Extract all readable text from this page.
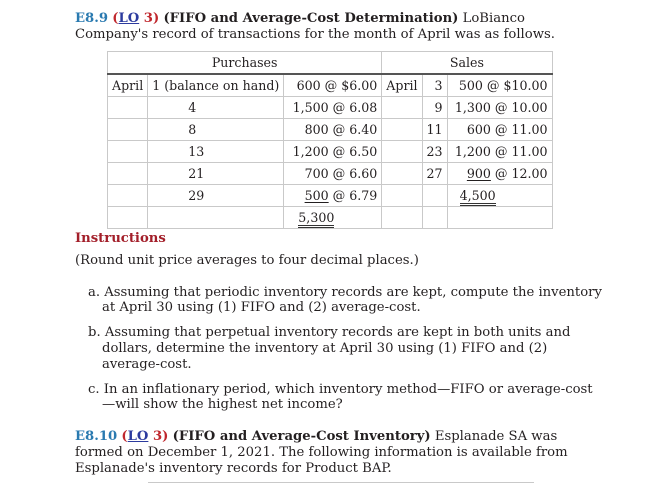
E8.9 (LO 3) (FIFO and Average-Cost Determination) LoBianco
Company's record of transactions for the month of April was as follows.
Purchases			Sales		
April	1 (balance on hand)	600 @ $6.00	April	3	500 @ $10.00
	4	1,500 @ 6.08		9	1,300 @ 10.00
	8	800 @ 6.40		11	600 @ 11.00
	13	1,200 @ 6.50		23	1,200 @ 11.00
	21	700 @ 6.60		27	900 @ 12.00
	29	500 @ 6.79			4,500
		5,300			
Instructions
(Round unit price averages to four decimal places.)
a. Assuming that periodic inventory records are kept, compute the inventory
at April 30 using (1) FIFO and (2) average-cost.
b. Assuming that perpetual inventory records are kept in both units and
dollars, determine the inventory at April 30 using (1) FIFO and (2)
average-cost.
c. In an inflationary period, which inventory method—FIFO or average-cost
—will show the highest net income?
E8.10 (LO 3) (FIFO and Average-Cost Inventory) Esplanade SA was
formed on December 1, 2021. The following information is available from
Esplanade's inventory records for Product BAP.
